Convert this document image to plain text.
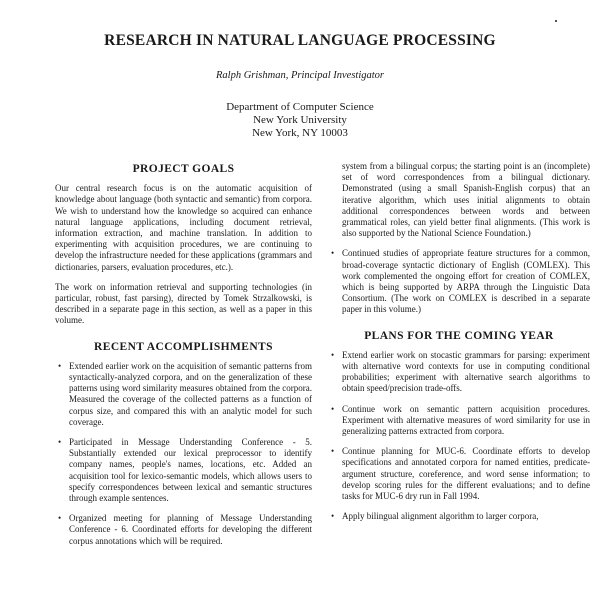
RESEARCH IN NATURAL LANGUAGE PROCESSING
Ralph Grishman, Principal Investigator
Department of Computer Science
New York University
New York, NY 10003
PROJECT GOALS

Our central research focus is on the automatic acquisition of knowledge about language (both syntactic and semantic) from corpora. We wish to understand how the knowledge so acquired can enhance natural language applications, including document retrieval, information extraction, and machine translation. In addition to experimenting with acquisition procedures, we are continuing to develop the infrastructure needed for these applications (grammars and dictionaries, parsers, evaluation procedures, etc.).

The work on information retrieval and supporting technologies (in particular, robust, fast parsing), directed by Tomek Strzalkowski, is described in a separate page in this section, as well as a paper in this volume.

RECENT ACCOMPLISHMENTS
• Extended earlier work on the acquisition of semantic patterns from syntactically-analyzed corpora, and on the generalization of these patterns using word similarity measures obtained from the corpora. Measured the coverage of the collected patterns as a function of corpus size, and compared this with an analytic model for such coverage.
• Participated in Message Understanding Conference - 5. Substantially extended our lexical preprocessor to identify company names, people's names, locations, etc. Added an acquisition tool for lexico-semantic models, which allows users to specify correspondences between lexical and semantic structures through example sentences.
• Organized meeting for planning of Message Understanding Conference - 6. Coordinated efforts for developing the different corpus annotations which will be required.
system from a bilingual corpus; the starting point is an (incomplete) set of word correspondences from a bilingual dictionary. Demonstrated (using a small Spanish-English corpus) that an iterative algorithm, which uses initial alignments to obtain additional correspondences between words and between grammatical roles, can yield better final alignments. (This work is also supported by the National Science Foundation.)
• Continued studies of appropriate feature structures for a common, broad-coverage syntactic dictionary of English (COMLEX). This work complemented the ongoing effort for creation of COMLEX, which is being supported by ARPA through the Linguistic Data Consortium. (The work on COMLEX is described in a separate paper in this volume.)
PLANS FOR THE COMING YEAR
• Extend earlier work on stocastic grammars for parsing: experiment with alternative word contexts for use in computing conditional probabilities; experiment with alternative search algorithms to obtain speed/precision trade-offs.
• Continue work on semantic pattern acquisition procedures. Experiment with alternative measures of word similarity for use in generalizing patterns extracted from corpora.
• Continue planning for MUC-6. Coordinate efforts to develop specifications and annotated corpora for named entities, predicate-argument structure, coreference, and word sense information; to develop scoring rules for the different evaluations; and to define tasks for MUC-6 dry run in Fall 1994.
• Apply bilingual alignment algorithm to larger corpora,
